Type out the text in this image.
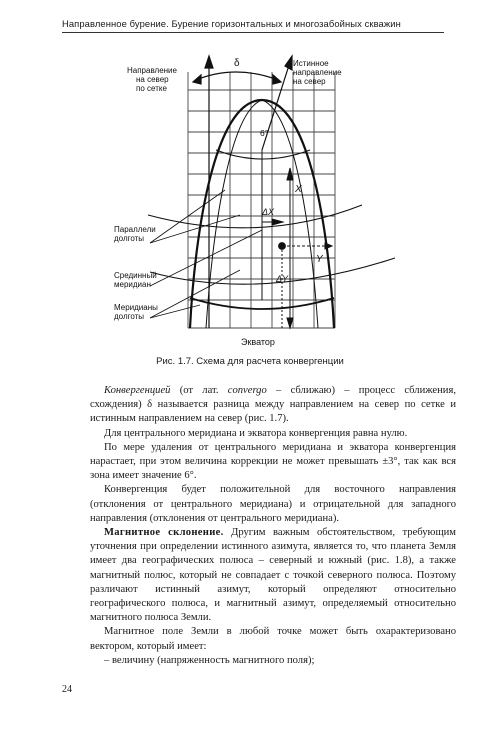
Направленное бурение. Бурение горизонтальных и многозабойных скважин
Направление
на север
по сетке
Истинное
направление
на север
δ
6°
X
ΔX
Y
ΔY
Параллели
долготы
Срединный
меридиан
Меридианы
долготы
Экватор
Рис. 1.7. Схема для расчета конвергенции

Конвергенцией (от лат. convergo – сближаю) – процесс сближения, схождения) δ называется разница между направлением на север по сетке и истинным направлением на север (рис. 1.7).

Для центрального меридиана и экватора конвергенция равна нулю.

По мере удаления от центрального меридиана и экватора конвергенция нарастает, при этом величина коррекции не может превышать ±3°, так как вся зона имеет значение 6°.

Конвергенция будет положительной для восточного направления (отклонения от центрального меридиана) и отрицательной для западного направления (отклонения от центрального меридиана).

Магнитное склонение. Другим важным обстоятельством, требующим уточнения при определении истинного азимута, является то, что планета Земля имеет два географических полюса – северный и южный (рис. 1.8), а также магнитный полюс, который не совпадает с точкой северного полюса. Поэтому различают истинный азимут, который определяют относительно географического полюса, и магнитный азимут, определяемый относительно магнитного полюса Земли.

Магнитное поле Земли в любой точке может быть охарактеризовано вектором, который имеет:

– величину (напряженность магнитного поля);

24
